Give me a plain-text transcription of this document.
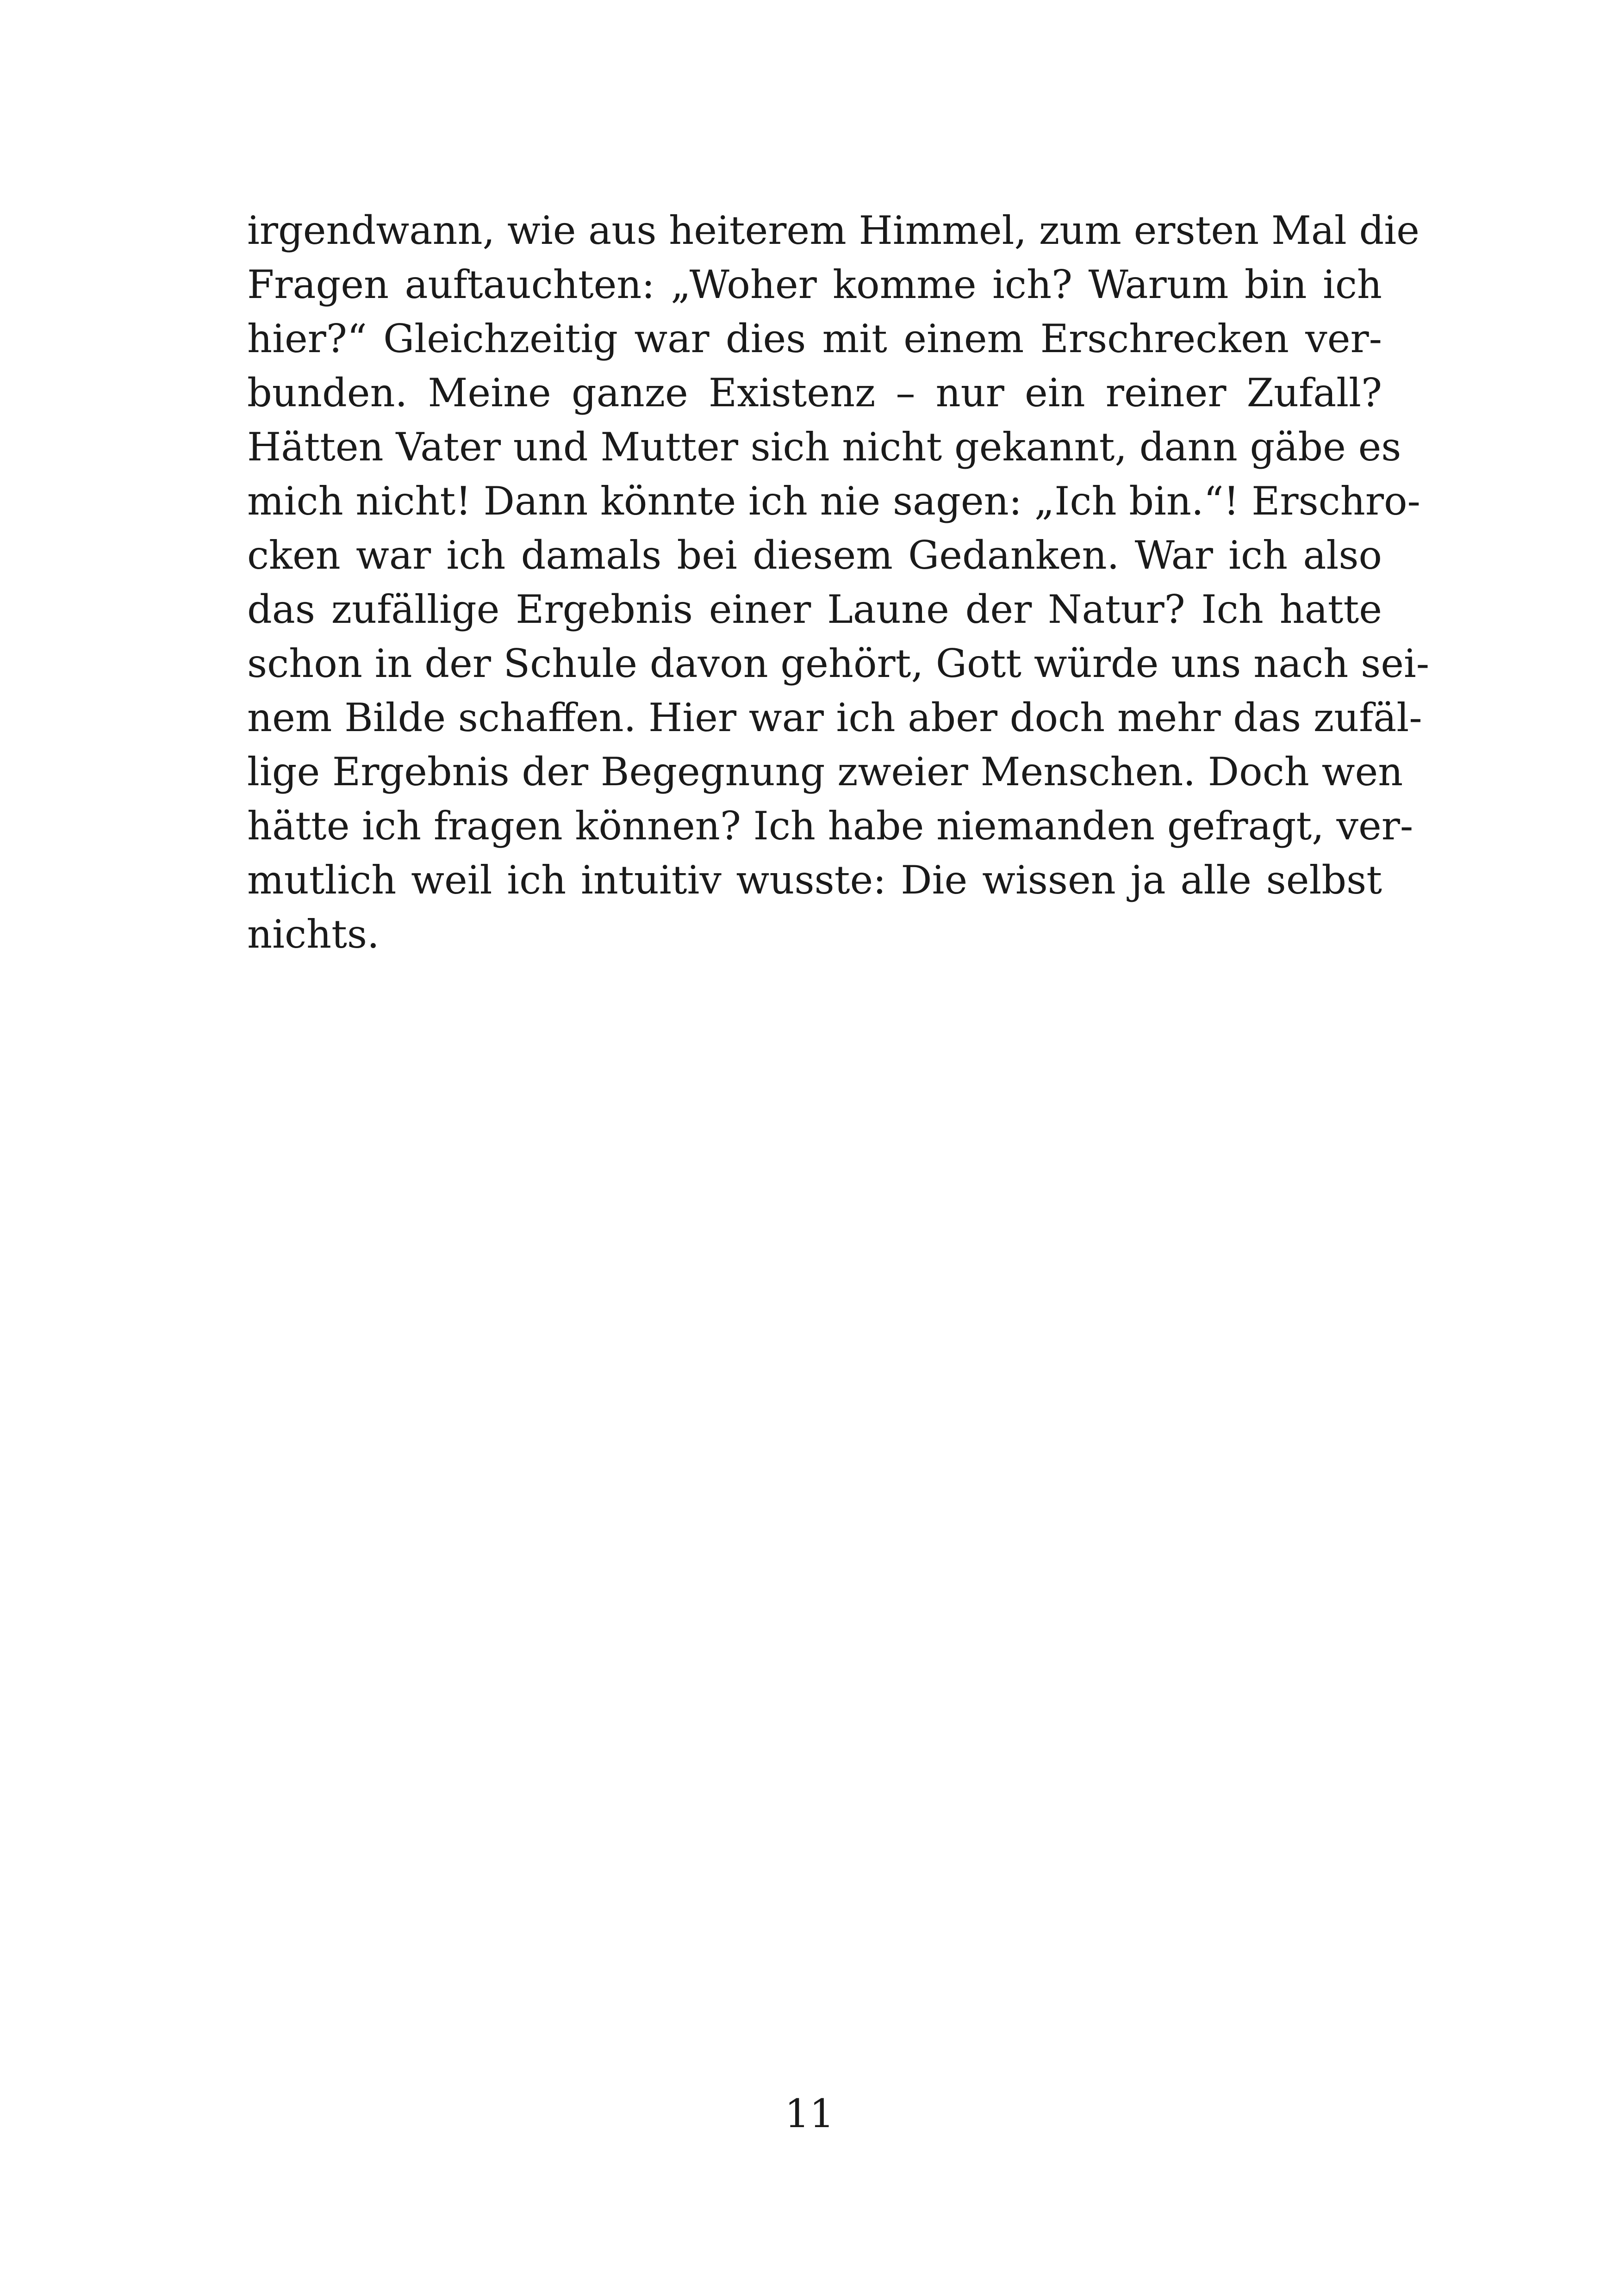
irgendwann, wie aus heiterem Himmel, zum ersten Mal die
Fragen auftauchten: „Woher komme ich? Warum bin ich
hier?“ Gleichzeitig war dies mit einem Erschrecken ver-
bunden. Meine ganze Existenz – nur ein reiner Zufall?
Hätten Vater und Mutter sich nicht gekannt, dann gäbe es
mich nicht! Dann könnte ich nie sagen: „Ich bin.“! Erschro-
cken war ich damals bei diesem Gedanken. War ich also
das zufällige Ergebnis einer Laune der Natur? Ich hatte
schon in der Schule davon gehört, Gott würde uns nach sei-
nem Bilde schaffen. Hier war ich aber doch mehr das zufäl-
lige Ergebnis der Begegnung zweier Menschen. Doch wen
hätte ich fragen können? Ich habe niemanden gefragt, ver-
mutlich weil ich intuitiv wusste: Die wissen ja alle selbst
nichts.
11
